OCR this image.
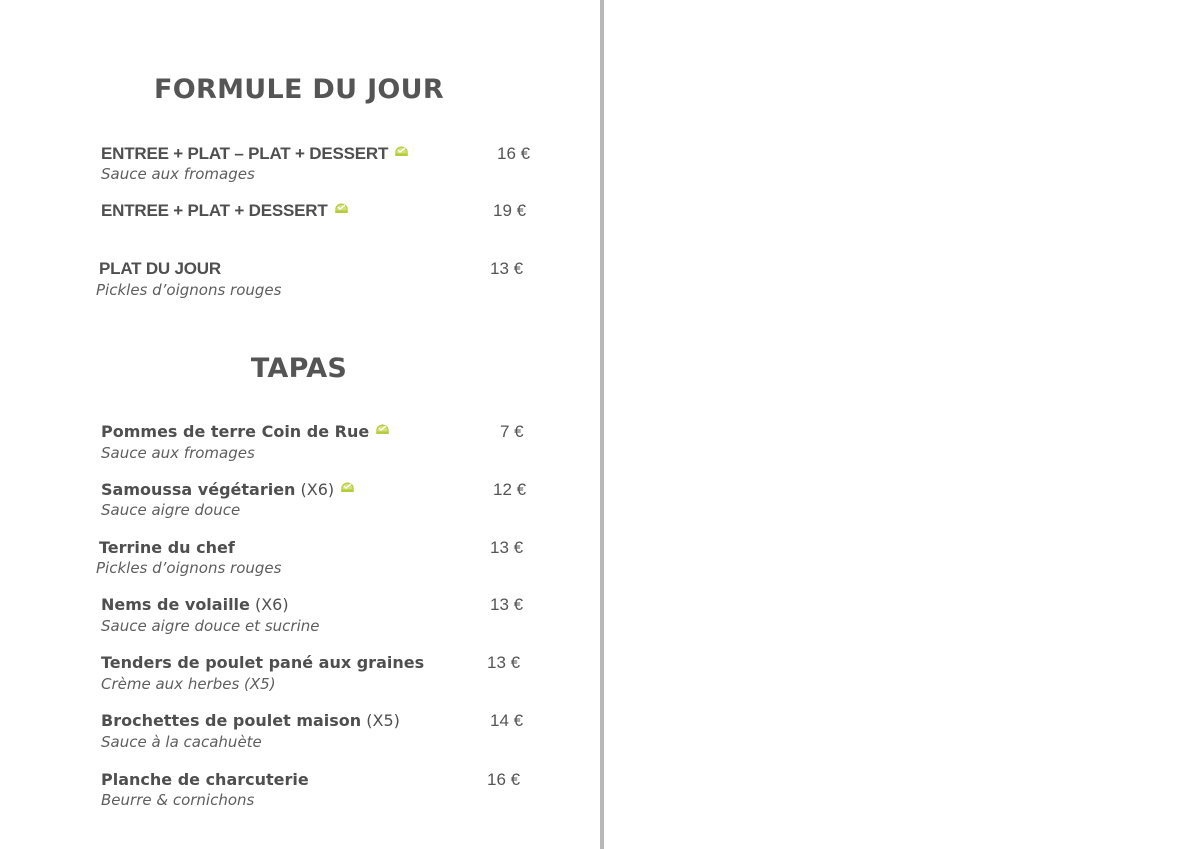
FORMULE DU JOUR
ENTREE + PLAT – PLAT + DESSERT
Sauce aux fromages
16 €
ENTREE + PLAT + DESSERT	19 €
PLAT DU JOUR
Pickles d’oignons rouges
13 €
TAPAS
Pommes de terre Coin de Rue
Sauce aux fromages
7 €
Samoussa végétarien (X6)
Sauce aigre douce
12 €
Terrine du chef
Pickles d’oignons rouges
13 €
Nems de volaille (X6)
Sauce aigre douce et sucrine
13 €
Tenders de poulet pané aux graines
Crème aux herbes (X5)
13 €
Brochettes de poulet maison (X5)
Sauce à la cacahuète
14 €
Planche de charcuterie
Beurre & cornichons
16 €
